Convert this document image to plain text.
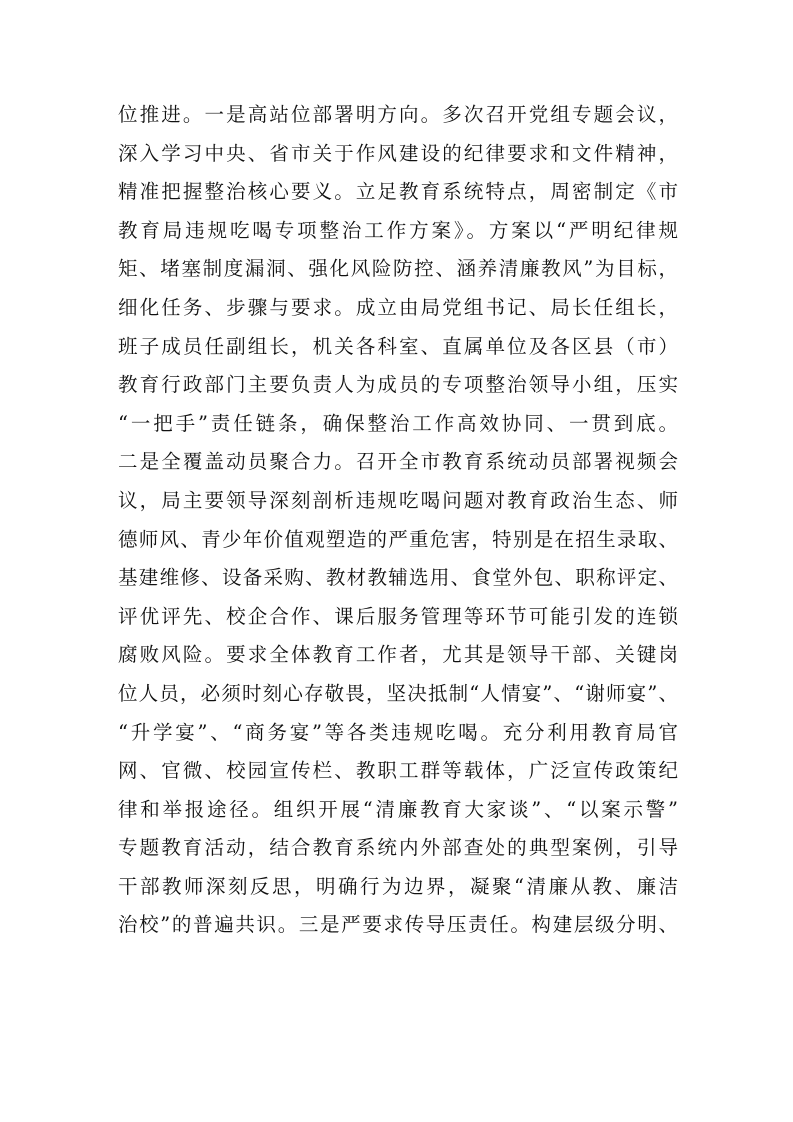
位推进。一是高站位部署明方向。多次召开党组专题会议，
深入学习中央、省市关于作风建设的纪律要求和文件精神，
精准把握整治核心要义。立足教育系统特点，周密制定《市
教育局违规吃喝专项整治工作方案》。方案以“严明纪律规
矩、堵塞制度漏洞、强化风险防控、涵养清廉教风”为目标，
细化任务、步骤与要求。成立由局党组书记、局长任组长，
班子成员任副组长，机关各科室、直属单位及各区县（市）
教育行政部门主要负责人为成员的专项整治领导小组，压实
“一把手”责任链条，确保整治工作高效协同、一贯到底。
二是全覆盖动员聚合力。召开全市教育系统动员部署视频会
议，局主要领导深刻剖析违规吃喝问题对教育政治生态、师
德师风、青少年价值观塑造的严重危害，特别是在招生录取、
基建维修、设备采购、教材教辅选用、食堂外包、职称评定、
评优评先、校企合作、课后服务管理等环节可能引发的连锁
腐败风险。要求全体教育工作者，尤其是领导干部、关键岗
位人员，必须时刻心存敬畏，坚决抵制“人情宴”、“谢师宴”、
“升学宴”、“商务宴”等各类违规吃喝。充分利用教育局官
网、官微、校园宣传栏、教职工群等载体，广泛宣传政策纪
律和举报途径。组织开展“清廉教育大家谈”、“以案示警”
专题教育活动，结合教育系统内外部查处的典型案例，引导
干部教师深刻反思，明确行为边界，凝聚“清廉从教、廉洁
治校”的普遍共识。三是严要求传导压责任。构建层级分明、
